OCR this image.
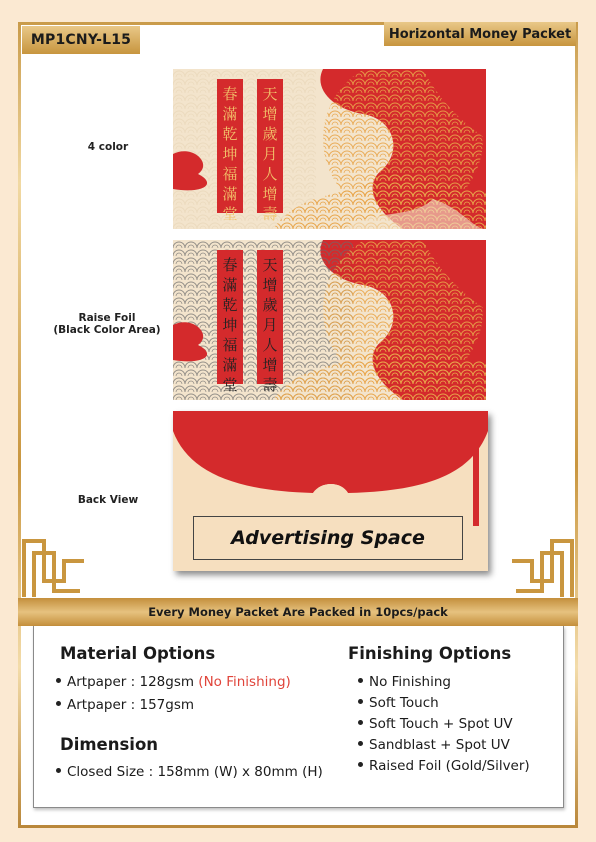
MP1CNY-L15	Horizontal Money Packet
4 color
Raise Foil
(Black Color Area)
Back View
春
滿
乾
坤
福
滿
堂
天
增
歲
月
人
增
壽
春
滿
乾
坤
福
滿
堂
天
增
歲
月
人
增
壽
Advertising Space
Every Money Packet Are Packed in 10pcs/pack
Material Options
Artpaper : 128gsm (No Finishing)
Artpaper : 157gsm
Dimension
Closed Size : 158mm (W) x 80mm (H)
Finishing Options
No Finishing
Soft Touch
Soft Touch + Spot UV
Sandblast + Spot UV
Raised Foil (Gold/Silver)
